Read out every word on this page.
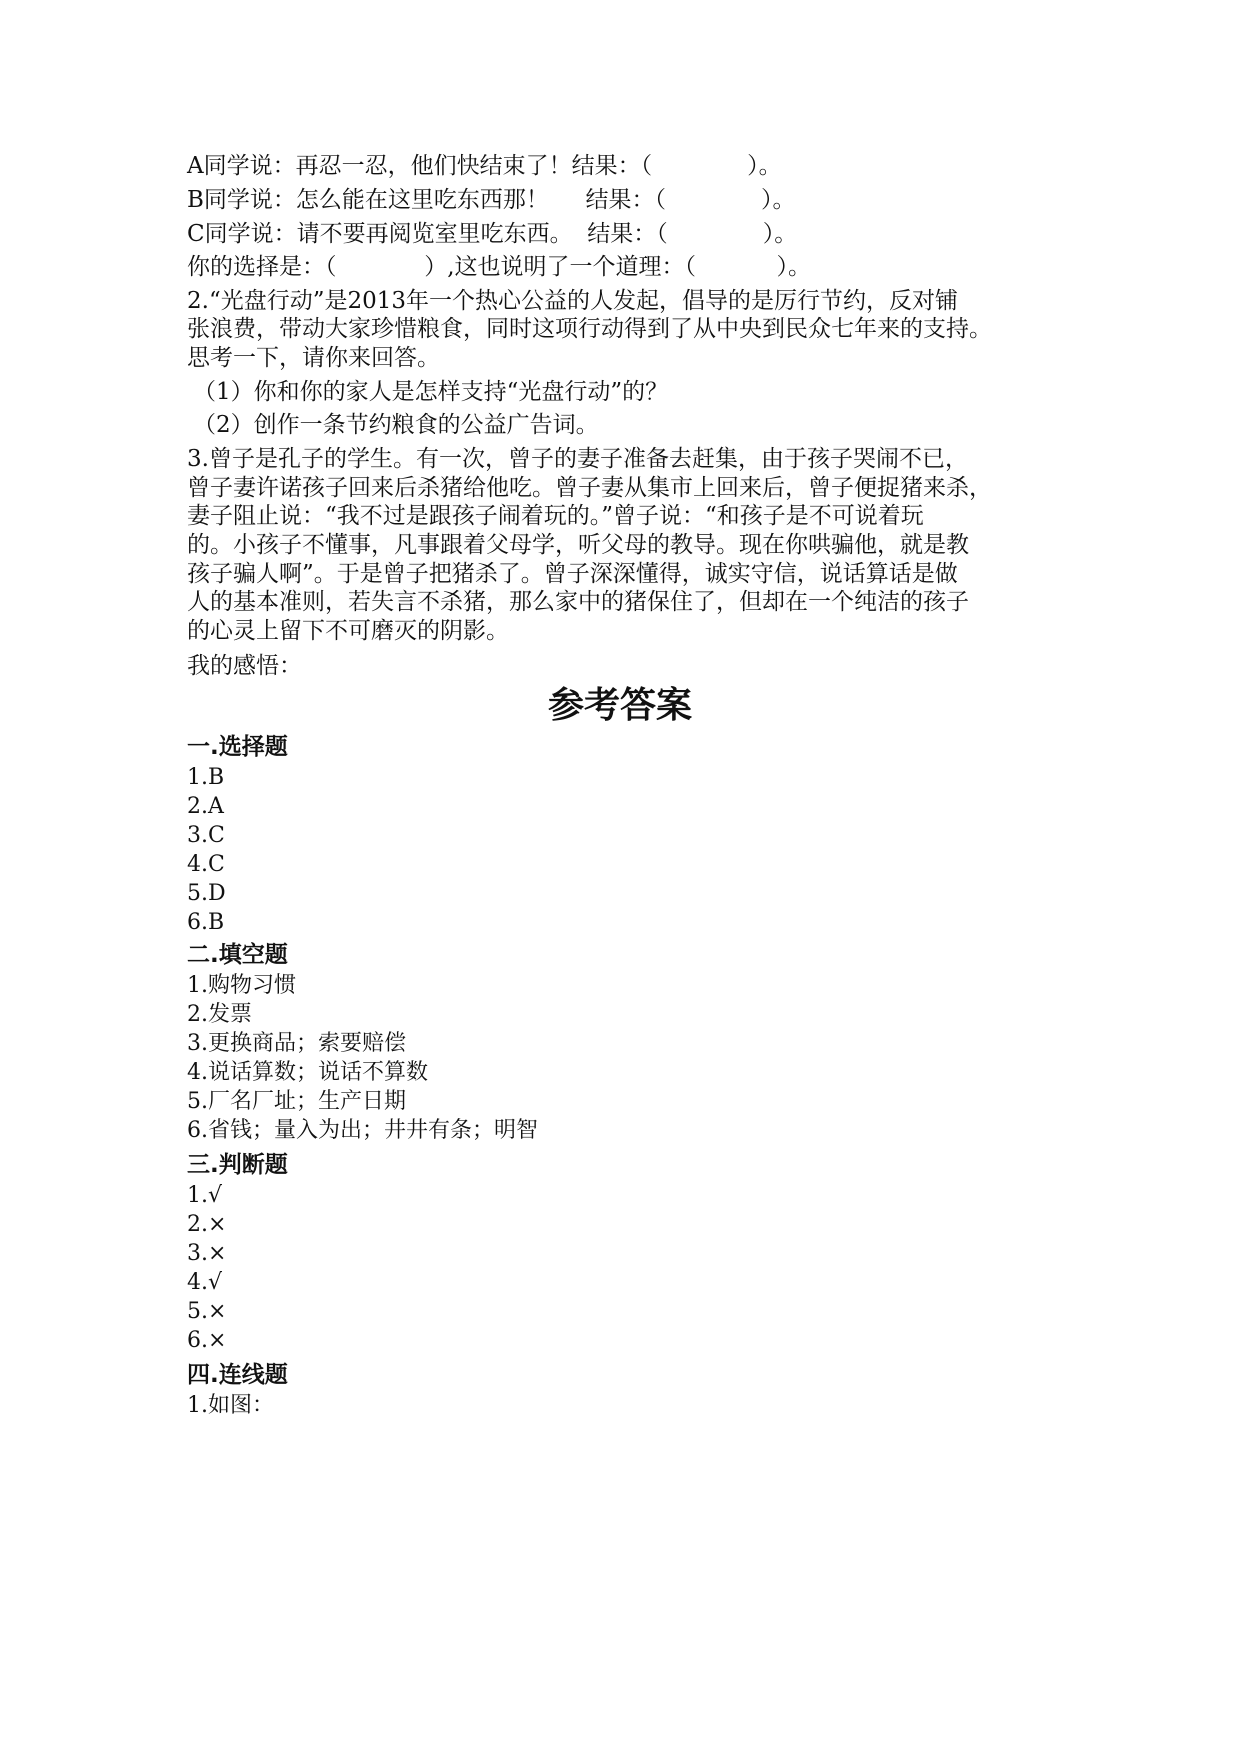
A同学说：再忍一忍，他们快结束了！结果：（             ）。
B同学说：怎么能在这里吃东西那！     结果：（             ）。
C同学说：请不要再阅览室里吃东西。  结果：（             ）。
你的选择是：（            ）,这也说明了一个道理：（           ）。
2.“光盘行动”是2013年一个热心公益的人发起，倡导的是厉行节约，反对铺
张浪费，带动大家珍惜粮食，同时这项行动得到了从中央到民众七年来的支持。
思考一下，请你来回答。
（1）你和你的家人是怎样支持“光盘行动”的？
（2）创作一条节约粮食的公益广告词。
3.曾子是孔子的学生。有一次，曾子的妻子准备去赶集，由于孩子哭闹不已，
曾子妻许诺孩子回来后杀猪给他吃。曾子妻从集市上回来后，曾子便捉猪来杀，
妻子阻止说：“我不过是跟孩子闹着玩的。”曾子说：“和孩子是不可说着玩
的。小孩子不懂事，凡事跟着父母学，听父母的教导。现在你哄骗他，就是教
孩子骗人啊”。于是曾子把猪杀了。曾子深深懂得，诚实守信，说话算话是做
人的基本准则，若失言不杀猪，那么家中的猪保住了，但却在一个纯洁的孩子
的心灵上留下不可磨灭的阴影。
我的感悟：
参考答案
一.选择题
1.B
2.A
3.C
4.C
5.D
6.B
二.填空题
1.购物习惯
2.发票
3.更换商品；索要赔偿
4.说话算数；说话不算数
5.厂名厂址；生产日期
6.省钱；量入为出；井井有条；明智
三.判断题
1.√
2.×
3.×
4.√
5.×
6.×
四.连线题
1.如图：
